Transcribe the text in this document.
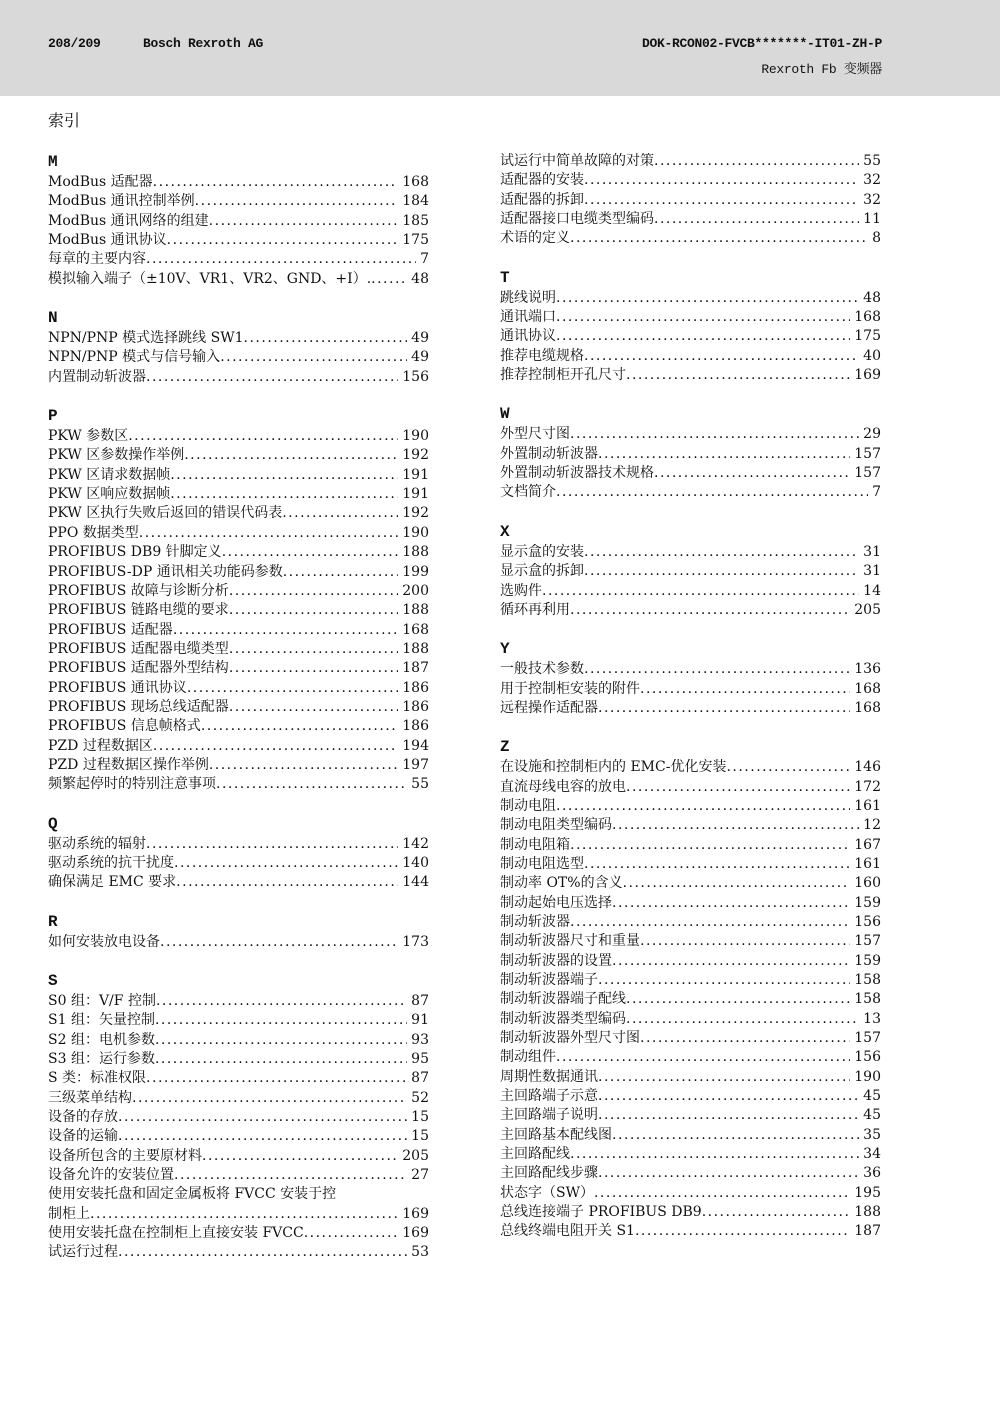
208/209	Bosch Rexroth AG	DOK-RCON02-FVCB*******-IT01-ZH-P
Rexroth Fb 变频器
索引
M
ModBus 适配器 .....	168
ModBus 通讯控制举例 .....	184
ModBus 通讯网络的组建 .....	185
ModBus 通讯协议 .....	175
每章的主要内容 .....	7
模拟输入端子（±10V、VR1、VR2、GND、+I）. .....	48
N
NPN/PNP 模式选择跳线 SW1 .....	49
NPN/PNP 模式与信号输入 .....	49
内置制动斩波器 .....	156
P
PKW 参数区 .....	190
PKW 区参数操作举例 .....	192
PKW 区请求数据帧 .....	191
PKW 区响应数据帧 .....	191
PKW 区执行失败后返回的错误代码表 .....	192
PPO 数据类型 .....	190
PROFIBUS DB9 针脚定义 .....	188
PROFIBUS-DP 通讯相关功能码参数 .....	199
PROFIBUS 故障与诊断分析 .....	200
PROFIBUS 链路电缆的要求 .....	188
PROFIBUS 适配器 .....	168
PROFIBUS 适配器电缆类型 .....	188
PROFIBUS 适配器外型结构 .....	187
PROFIBUS 通讯协议 .....	186
PROFIBUS 现场总线适配器 .....	186
PROFIBUS 信息帧格式 .....	186
PZD 过程数据区 .....	194
PZD 过程数据区操作举例 .....	197
频繁起停时的特别注意事项 .....	55
Q
驱动系统的辐射 .....	142
驱动系统的抗干扰度 .....	140
确保满足 EMC 要求 .....	144
R
如何安装放电设备 .....	173
S
S0 组：V/F 控制 .....	87
S1 组：矢量控制 .....	91
S2 组：电机参数 .....	93
S3 组：运行参数 .....	95
S 类：标准权限 .....	87
三级菜单结构 .....	52
设备的存放 .....	15
设备的运输 .....	15
设备所包含的主要原材料 .....	205
设备允许的安装位置 .....	27
使用安装托盘和固定金属板将 FVCC 安装于控
制柜上 .....	169
使用安装托盘在控制柜上直接安装 FVCC .....	169
试运行过程 .....	53
试运行中简单故障的对策 .....	55
适配器的安装 .....	32
适配器的拆卸 .....	32
适配器接口电缆类型编码 .....	11
术语的定义 .....	8
T
跳线说明 .....	48
通讯端口 .....	168
通讯协议 .....	175
推荐电缆规格 .....	40
推荐控制柜开孔尺寸 .....	169
W
外型尺寸图 .....	29
外置制动斩波器 .....	157
外置制动斩波器技术规格 .....	157
文档简介 .....	7
X
显示盒的安装 .....	31
显示盒的拆卸 .....	31
选购件 .....	14
循环再利用 .....	205
Y
一般技术参数 .....	136
用于控制柜安装的附件 .....	168
远程操作适配器 .....	168
Z
在设施和控制柜内的 EMC-优化安装 .....	146
直流母线电容的放电 .....	172
制动电阻 .....	161
制动电阻类型编码 .....	12
制动电阻箱 .....	167
制动电阻选型 .....	161
制动率 OT%的含义 .....	160
制动起始电压选择 .....	159
制动斩波器 .....	156
制动斩波器尺寸和重量 .....	157
制动斩波器的设置 .....	159
制动斩波器端子 .....	158
制动斩波器端子配线 .....	158
制动斩波器类型编码 .....	13
制动斩波器外型尺寸图 .....	157
制动组件 .....	156
周期性数据通讯 .....	190
主回路端子示意 .....	45
主回路端子说明 .....	45
主回路基本配线图 .....	35
主回路配线 .....	34
主回路配线步骤 .....	36
状态字（SW） .....	195
总线连接端子 PROFIBUS DB9 .....	188
总线终端电阻开关 S1 .....	187
